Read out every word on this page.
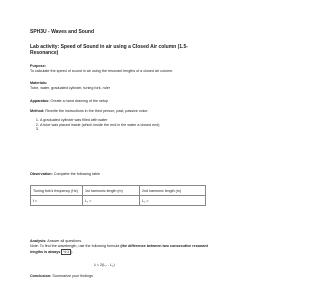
SPH3U - Waves and Sound
Lab activity: Speed of Sound in air using a Closed Air column (1.5- Resonance)
Purpose:
To calculate the speed of sound in air using the resonant lengths of a closed air column.
Materials:
Tube, water, graduated cylinder, tuning fork, ruler
Apparatus: Create a hand drawing of the setup
Method: Rewrite the instructions in the third person, past, passive voice.
1. A graduated cylinder was filled with water
2. A tube was placed inside (which inside the end in the water a closed end)
3.
Observation: Complete the following table
Tuning fork's frequency (Hz)	1st harmonic length (m)	2nd harmonic length (m)
f =	L₁ =	L₂ =
Analysis: Answer all questions.
Note: To find the wavelength, use the following formula (the difference between two consecutive resonant lengths is always ½ λ ).
λ = 2(L₂ - L₁)
Conclusion: Summarize your findings
